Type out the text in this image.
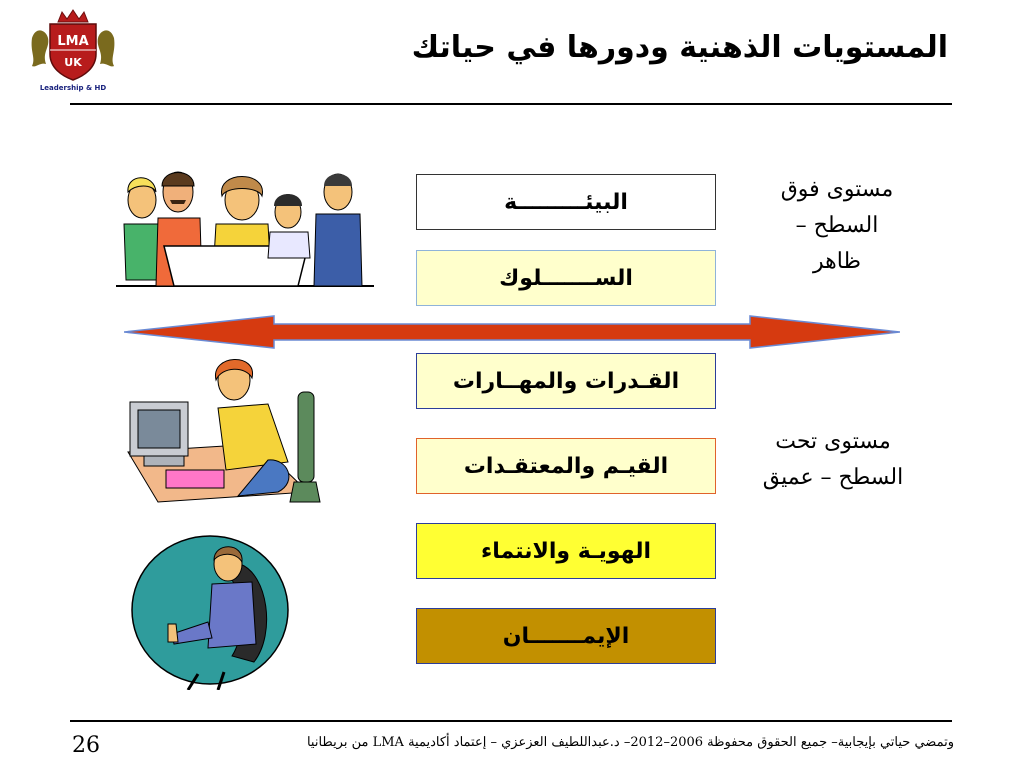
LMA
UK
Leadership & HD
المستويات الذهنية ودورها في حياتك
البيئـــــــــة
الســـــــلوك
القـدرات والمهــارات
القيـم والمعتقـدات
الهويـة والانتماء
الإيمـــــــان
مستوى فوق
السطح –
ظاهر
مستوى تحت
السطح – عميق
وتمضي حياتي بإيجابية– جميع الحقوق محفوظة 2006–2012– د.عبداللطيف العزعزي – إعتماد أكاديمية LMA من بريطانيا
26
